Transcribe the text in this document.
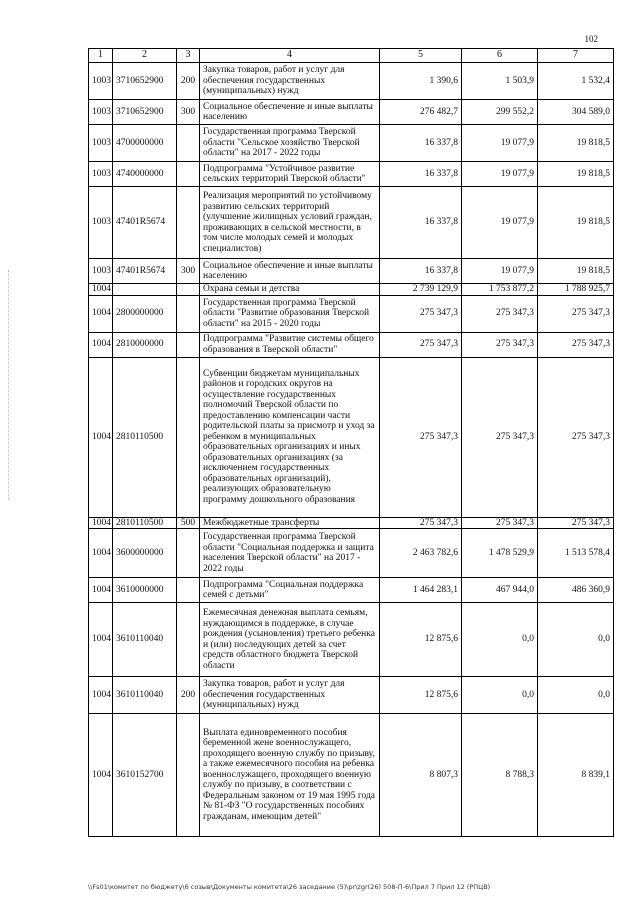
102
1	2	3	4	5	6	7
1003	3710652900	200	Закупка товаров, работ и услуг для обеспечения государственных (муниципальных) нужд	1 390,6	1 503,9	1 532,4
1003	3710652900	300	Социальное обеспечение и иные выплаты населению	276 482,7	299 552,2	304 589,0
1003	4700000000		Государственная программа Тверской области "Сельское хозяйство Тверской области" на 2017 - 2022 годы	16 337,8	19 077,9	19 818,5
1003	4740000000		Подпрограмма "Устойчивое развитие сельских территорий Тверской области"	16 337,8	19 077,9	19 818,5
1003	47401R5674		Реализация мероприятий по устойчивому развитию сельских территорий (улучшение жилищных условий граждан, проживающих в сельской местности, в том числе молодых семей и молодых специалистов)	16 337,8	19 077,9	19 818,5
1003	47401R5674	300	Социальное обеспечение и иные выплаты населению	16 337,8	19 077,9	19 818,5
1004			Охрана семьи и детства	2 739 129,9	1 753 877,2	1 788 925,7
1004	2800000000		Государственная программа Тверской области "Развитие образования Тверской области" на 2015 - 2020 годы	275 347,3	275 347,3	275 347,3
1004	2810000000		Подпрограмма "Развитие системы общего образования в Тверской области"	275 347,3	275 347,3	275 347,3
1004	2810110500		Субвенции бюджетам муниципальных районов и городских округов на осуществление государственных полномочий Тверской области по предоставлению компенсации части родительской платы за присмотр и уход за ребенком в муниципальных образовательных организациях и иных образовательных организациях (за исключением государственных образовательных организаций), реализующих образовательную программу дошкольного образования	275 347,3	275 347,3	275 347,3
1004	2810110500	500	Межбюджетные трансферты	275 347,3	275 347,3	275 347,3
1004	3600000000		Государственная программа Тверской области "Социальная поддержка и защита населения Тверской области" на 2017 - 2022 годы	2 463 782,6	1 478 529,9	1 513 578,4
1004	3610000000		Подпрограмма "Социальная поддержка семей с детьми"	1 464 283,1	467 944,0	486 360,9
1004	3610110040		Ежемесячная денежная выплата семьям, нуждающимся в поддержке, в случае рождения (усыновления) третьего ребенка и (или) последующих детей за счет средств областного бюджета Тверской области	12 875,6	0,0	0,0
1004	3610110040	200	Закупка товаров, работ и услуг для обеспечения государственных (муниципальных) нужд	12 875,6	0,0	0,0
1004	3610152700		Выплата единовременного пособия беременной жене военнослужащего, проходящего военную службу по призыву, а также ежемесячного пособия на ребенка военнослужащего, проходящего военную службу по призыву, в соответствии с Федеральным законом от 19 мая 1995 года № 81-ФЗ "О государственных пособиях гражданам, имеющим детей"	8 807,3	8 788,3	8 839,1
\\Fs01\комитет по бюджету\6 созыв\Документы комитета\26 заседание (5)\pr\zgr(26) 508-П-6\Прил 7 Прил 12 (РПЦВ)
